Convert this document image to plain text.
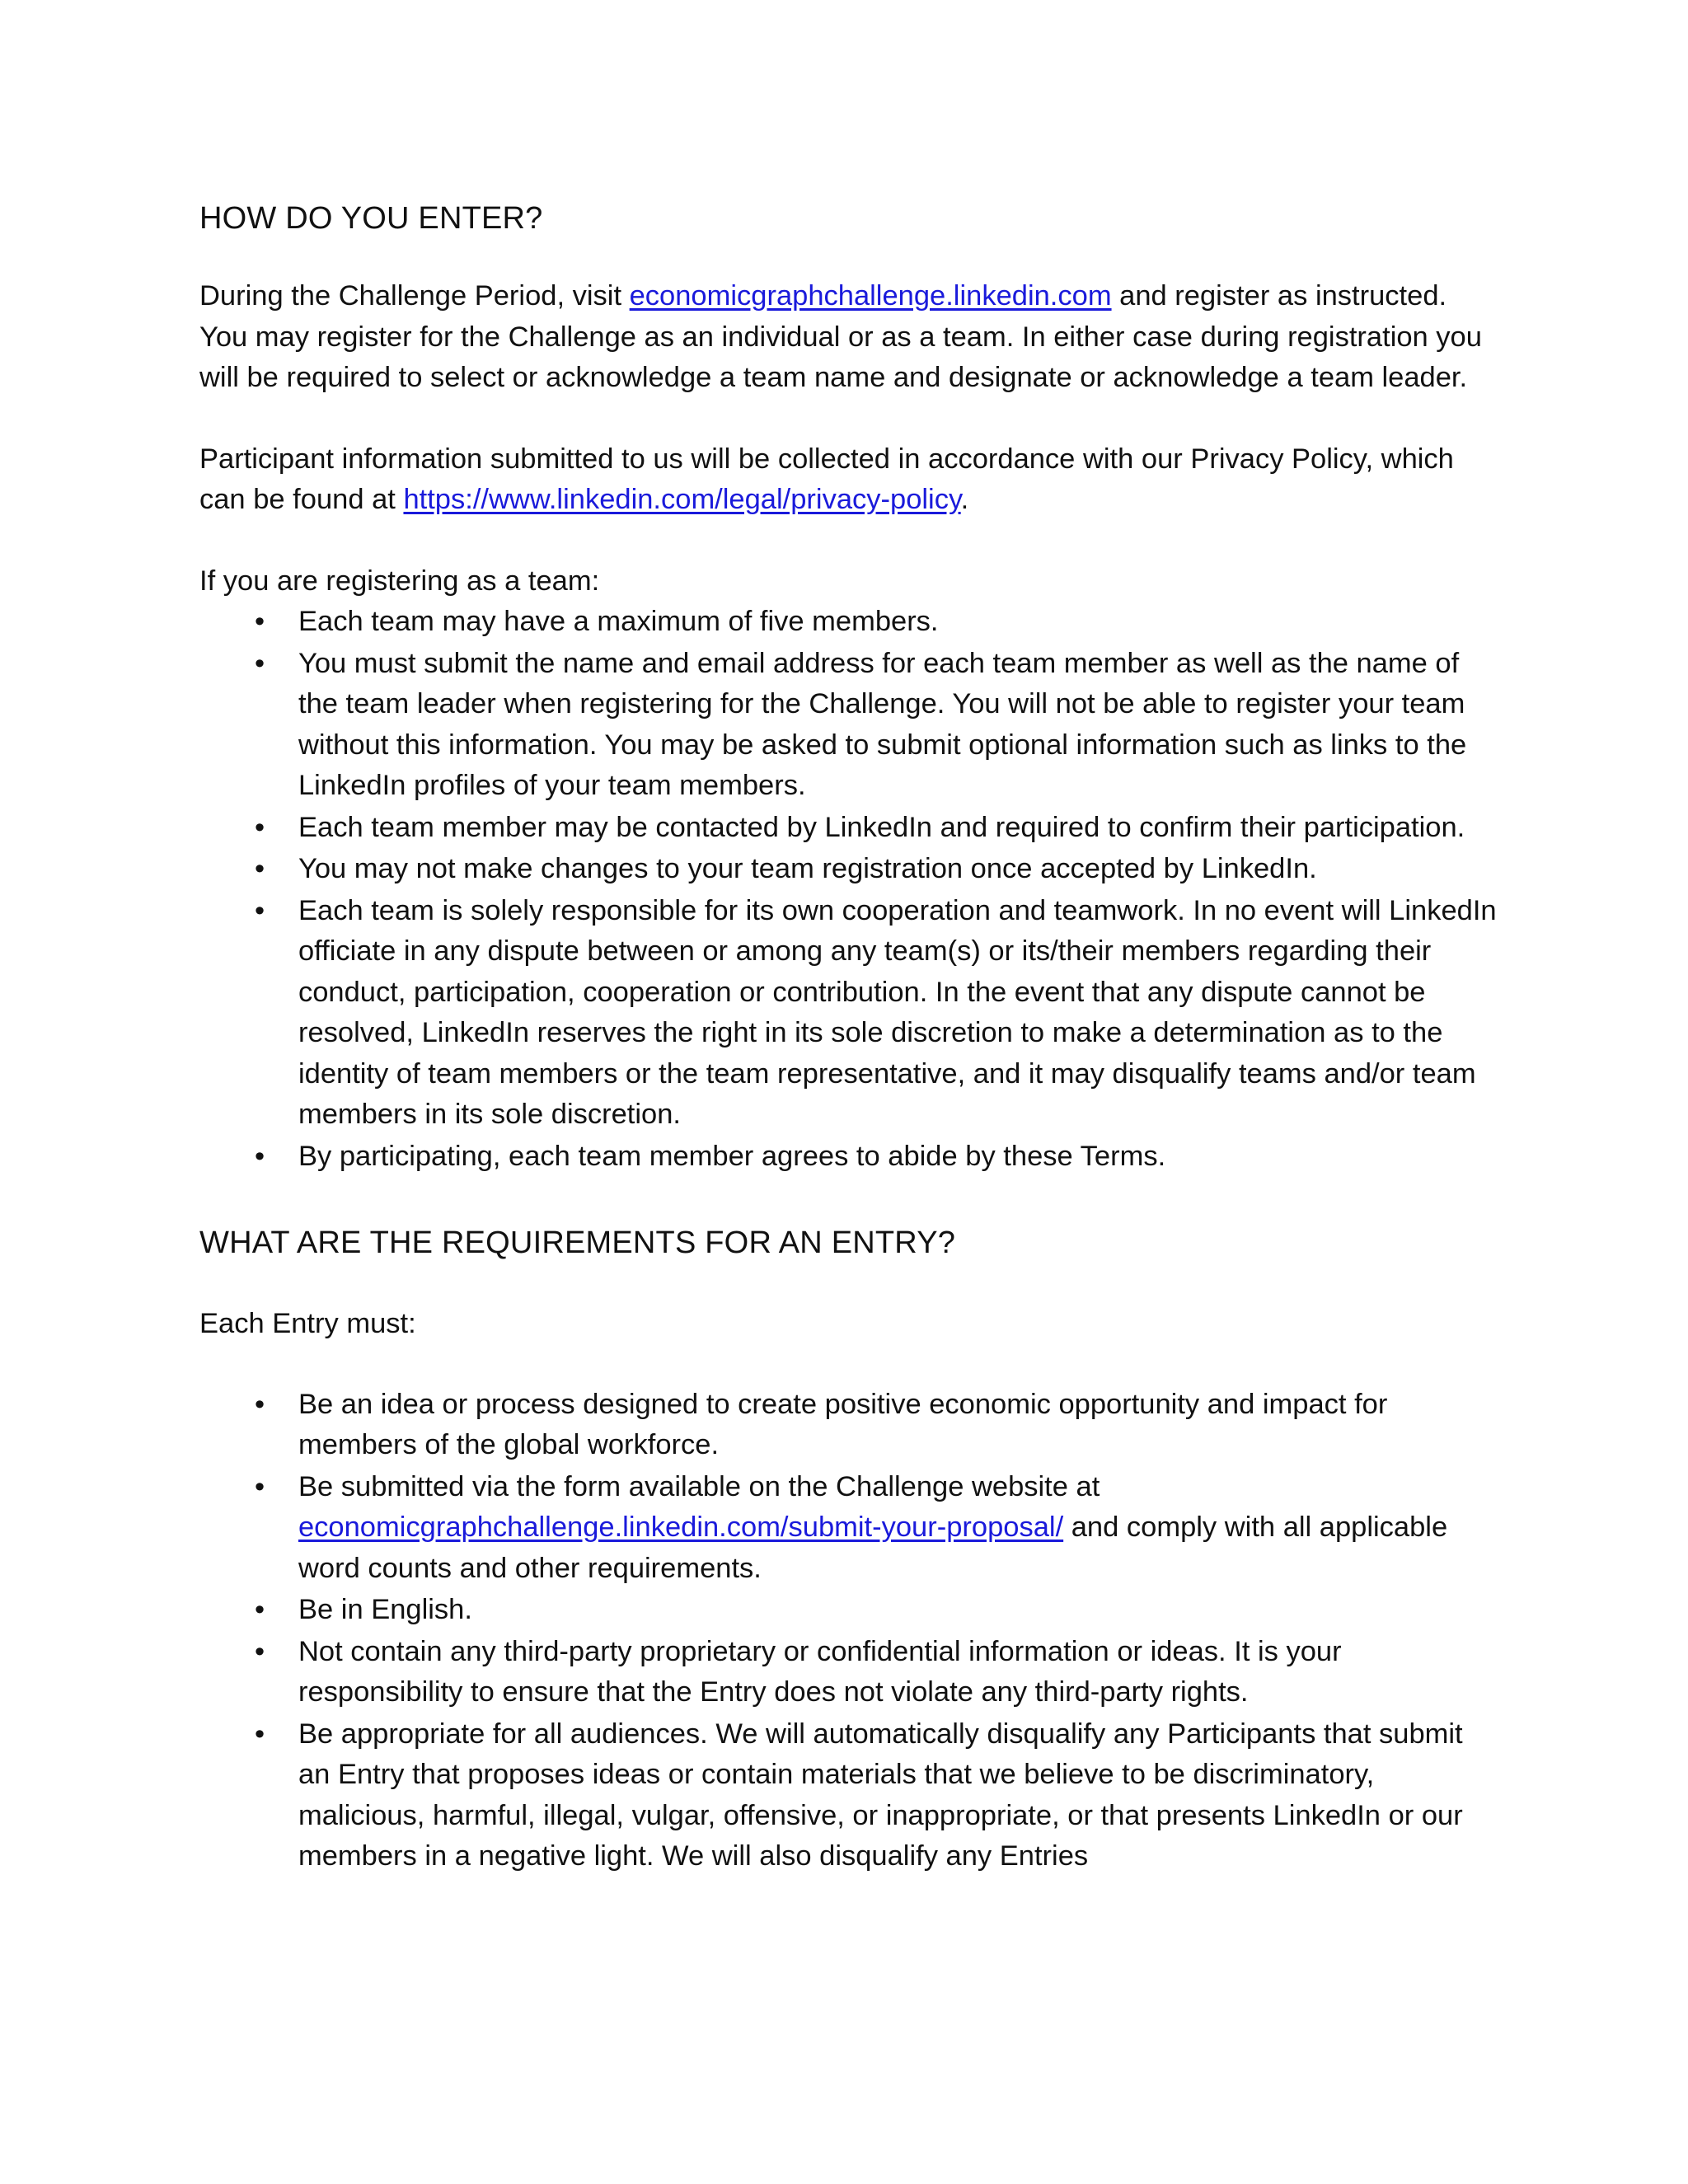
HOW DO YOU ENTER?

During the Challenge Period, visit economicgraphchallenge.linkedin.com and register as instructed. You may register for the Challenge as an individual or as a team. In either case during registration you will be required to select or acknowledge a team name and designate or acknowledge a team leader.

Participant information submitted to us will be collected in accordance with our Privacy Policy, which can be found at https://www.linkedin.com/legal/privacy-policy.

If you are registering as a team:

• Each team may have a maximum of five members.
• You must submit the name and email address for each team member as well as the name of the team leader when registering for the Challenge. You will not be able to register your team without this information. You may be asked to submit optional information such as links to the LinkedIn profiles of your team members.
• Each team member may be contacted by LinkedIn and required to confirm their participation.
• You may not make changes to your team registration once accepted by LinkedIn.
• Each team is solely responsible for its own cooperation and teamwork. In no event will LinkedIn officiate in any dispute between or among any team(s) or its/their members regarding their conduct, participation, cooperation or contribution. In the event that any dispute cannot be resolved, LinkedIn reserves the right in its sole discretion to make a determination as to the identity of team members or the team representative, and it may disqualify teams and/or team members in its sole discretion.
• By participating, each team member agrees to abide by these Terms.
WHAT ARE THE REQUIREMENTS FOR AN ENTRY?

Each Entry must:

• Be an idea or process designed to create positive economic opportunity and impact for members of the global workforce.
• Be submitted via the form available on the Challenge website at economicgraphchallenge.linkedin.com/submit-your-proposal/ and comply with all applicable word counts and other requirements.
• Be in English.
• Not contain any third-party proprietary or confidential information or ideas. It is your responsibility to ensure that the Entry does not violate any third-party rights.
• Be appropriate for all audiences. We will automatically disqualify any Participants that submit an Entry that proposes ideas or contain materials that we believe to be discriminatory, malicious, harmful, illegal, vulgar, offensive, or inappropriate, or that presents LinkedIn or our members in a negative light. We will also disqualify any Entries
